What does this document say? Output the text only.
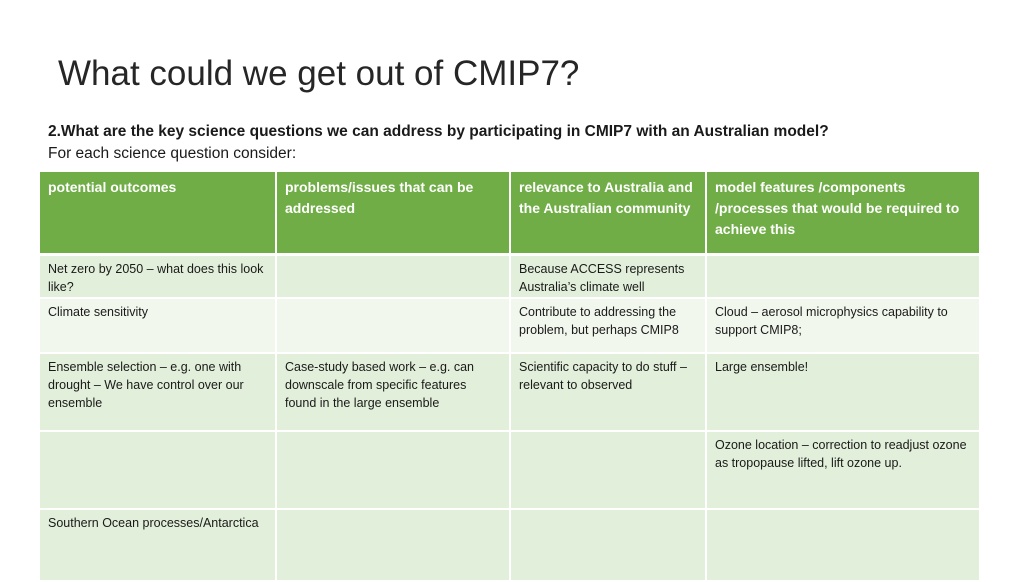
What could we get out of CMIP7?
2.What are the key science questions we can address by participating in CMIP7 with an Australian model?
For each science question consider:
potential outcomes	problems/issues that can be addressed	relevance to Australia and the Australian community	model features /components /processes that would be required to achieve this
Net zero by 2050 – what does this look like?		Because ACCESS represents Australia’s climate well	
Climate sensitivity		Contribute to addressing the problem, but perhaps CMIP8	Cloud – aerosol microphysics capability to support CMIP8;
Ensemble selection – e.g. one with drought – We have control over our ensemble	Case-study based work – e.g. can downscale from specific features found in the large ensemble	Scientific capacity to do stuff – relevant to observed	Large ensemble!
			Ozone location – correction to readjust ozone as tropopause lifted, lift ozone up.
Southern Ocean processes/Antarctica			
